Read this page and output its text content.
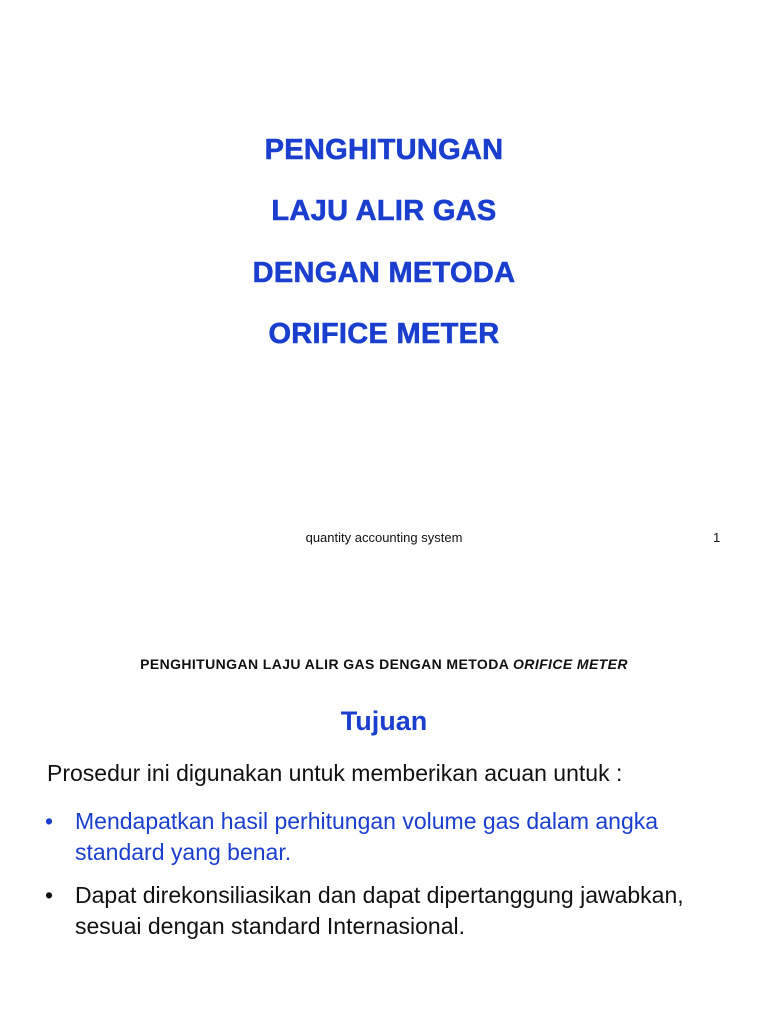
PENGHITUNGAN
LAJU ALIR GAS
DENGAN METODA
ORIFICE METER
quantity accounting system	1
PENGHITUNGAN LAJU ALIR GAS DENGAN METODA ORIFICE METER
Tujuan
Prosedur ini digunakan untuk memberikan acuan untuk :
• Mendapatkan hasil perhitungan volume gas dalam angka standard yang benar.
• Dapat direkonsiliasikan dan dapat dipertanggung jawabkan, sesuai dengan standard Internasional.
